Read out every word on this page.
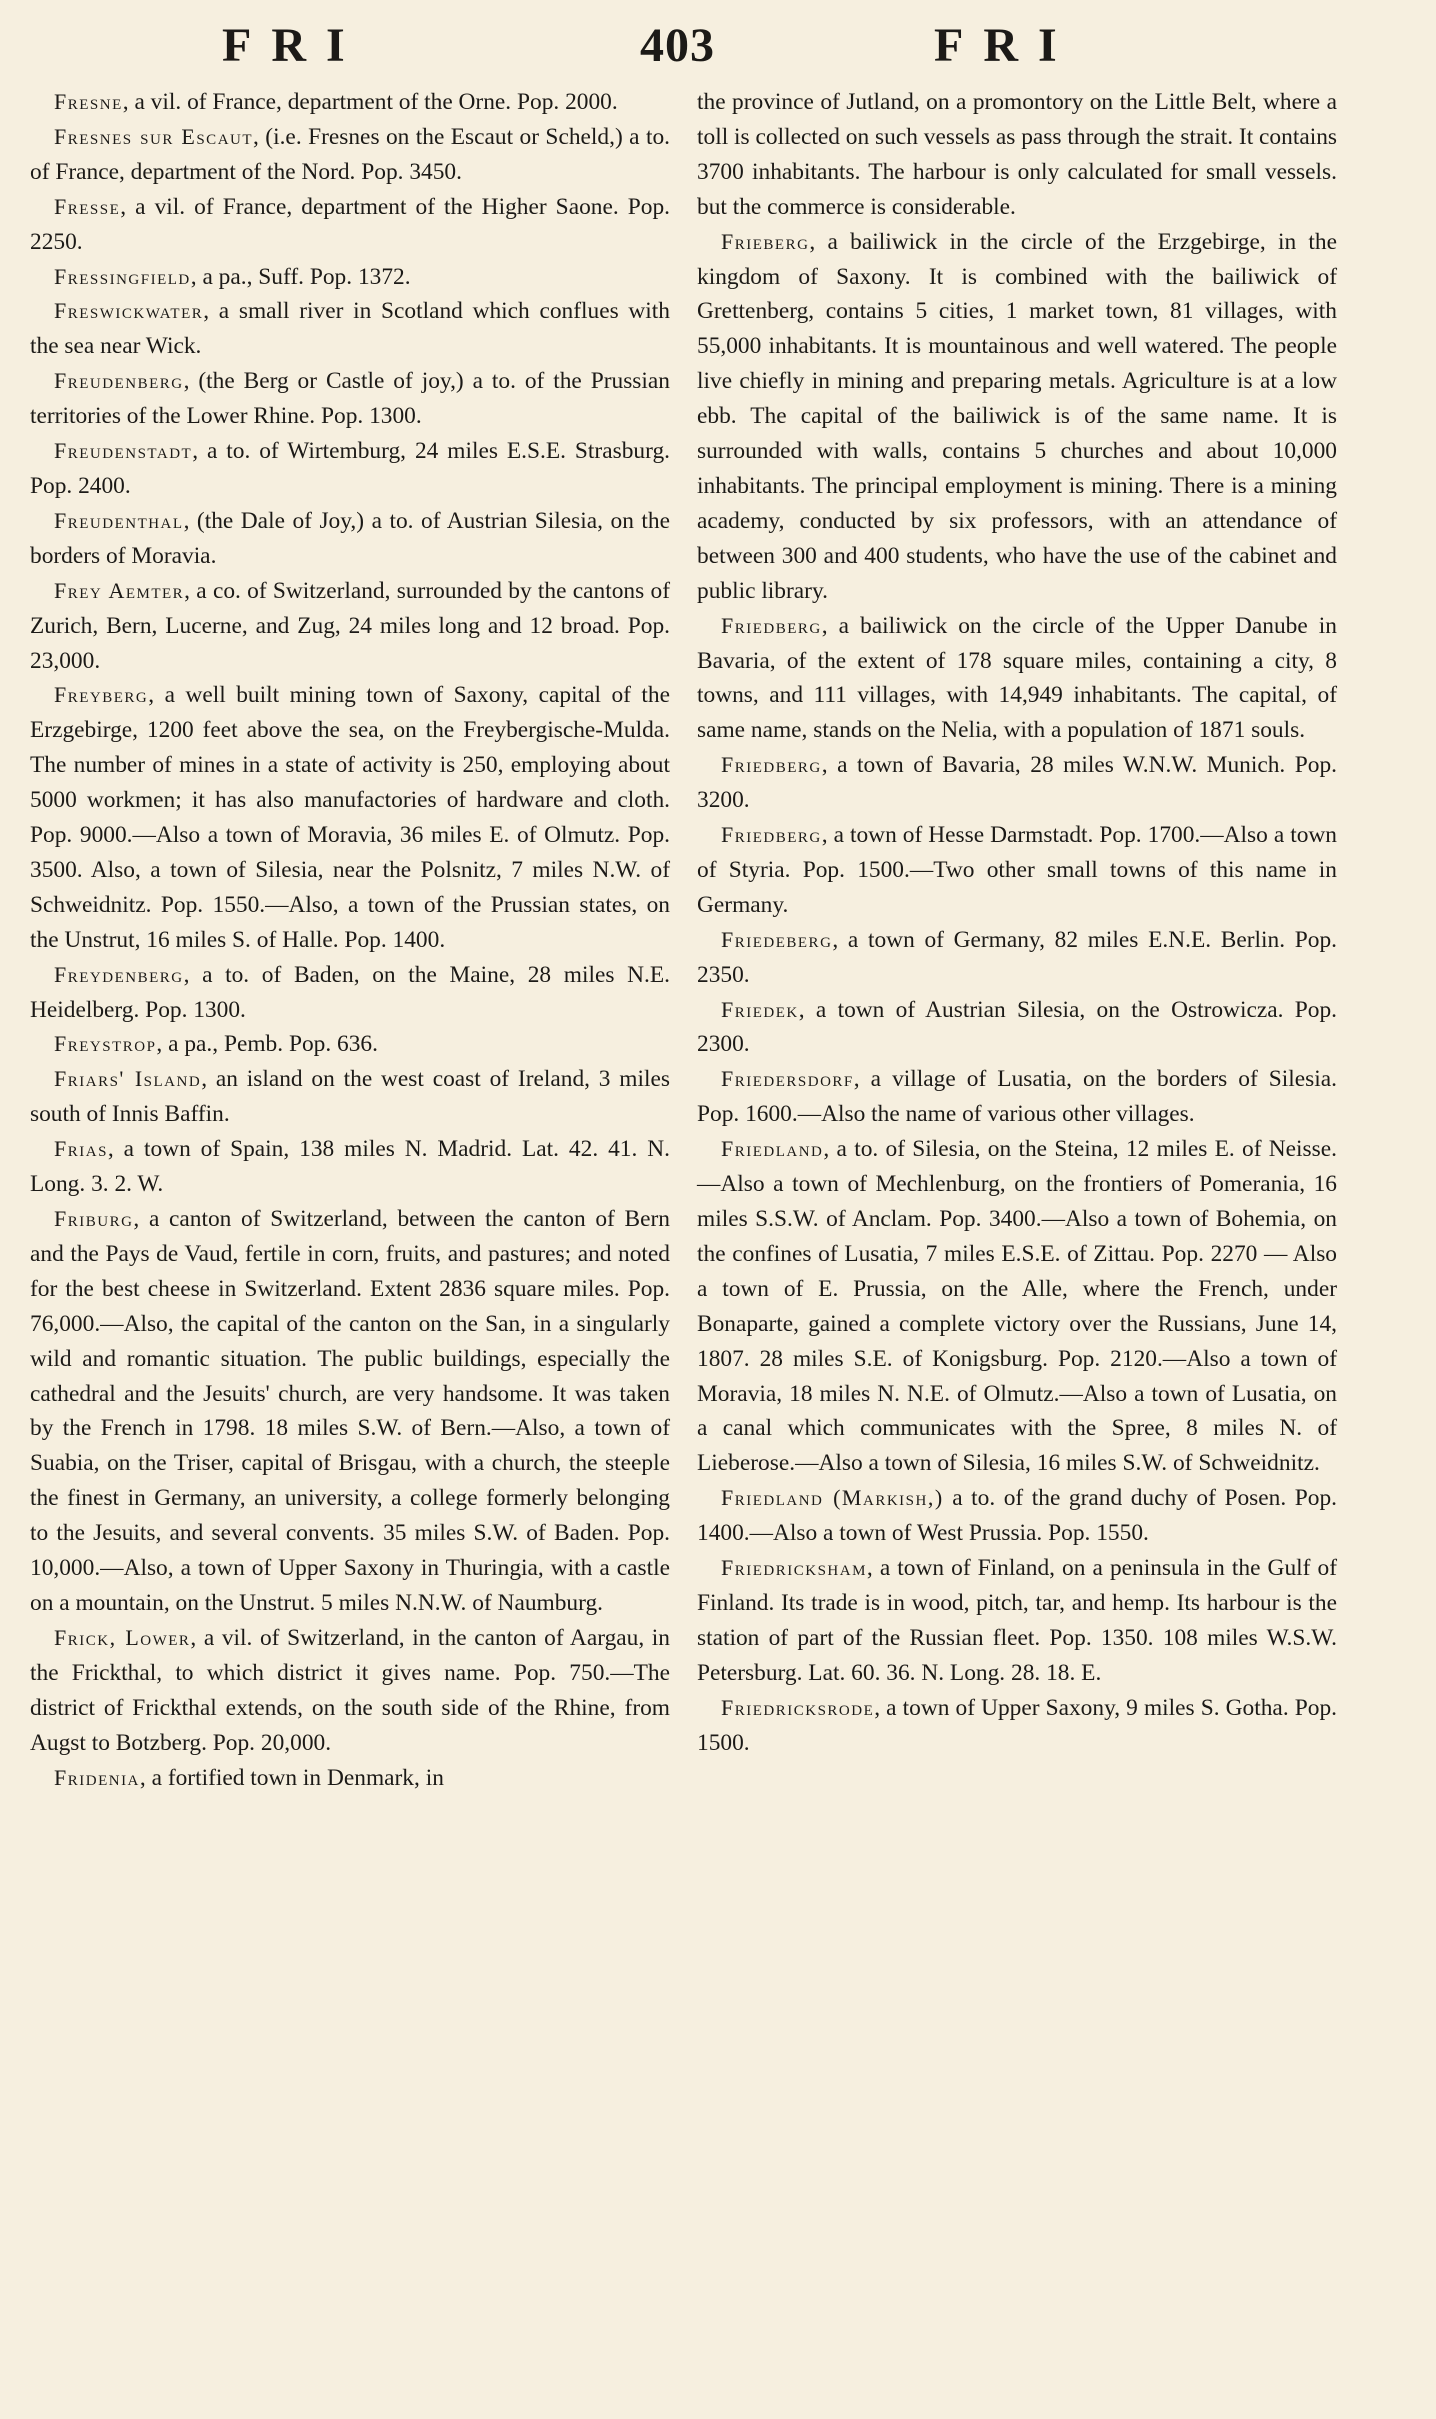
FRI	403	FRI

Fresne, a vil. of France, department of the Orne. Pop. 2000.

Fresnes sur Escaut, (i.e. Fresnes on the Escaut or Scheld,) a to. of France, department of the Nord. Pop. 3450.

Fresse, a vil. of France, department of the Higher Saone. Pop. 2250.

Fressingfield, a pa., Suff. Pop. 1372.

Freswickwater, a small river in Scotland which conflues with the sea near Wick.

Freudenberg, (the Berg or Castle of joy,) a to. of the Prussian territories of the Lower Rhine. Pop. 1300.

Freudenstadt, a to. of Wirtemburg, 24 miles E.S.E. Strasburg. Pop. 2400.

Freudenthal, (the Dale of Joy,) a to. of Austrian Silesia, on the borders of Moravia.

Frey Aemter, a co. of Switzerland, surrounded by the cantons of Zurich, Bern, Lucerne, and Zug, 24 miles long and 12 broad. Pop. 23,000.

Freyberg, a well built mining town of Saxony, capital of the Erzgebirge, 1200 feet above the sea, on the Freybergische-Mulda. The number of mines in a state of activity is 250, employing about 5000 workmen; it has also manufactories of hardware and cloth. Pop. 9000.—Also a town of Moravia, 36 miles E. of Olmutz. Pop. 3500. Also, a town of Silesia, near the Polsnitz, 7 miles N.W. of Schweidnitz. Pop. 1550.—Also, a town of the Prussian states, on the Unstrut, 16 miles S. of Halle. Pop. 1400.

Freydenberg, a to. of Baden, on the Maine, 28 miles N.E. Heidelberg. Pop. 1300.

Freystrop, a pa., Pemb. Pop. 636.

Friars' Island, an island on the west coast of Ireland, 3 miles south of Innis Baffin.

Frias, a town of Spain, 138 miles N. Madrid. Lat. 42. 41. N. Long. 3. 2. W.

Friburg, a canton of Switzerland, between the canton of Bern and the Pays de Vaud, fertile in corn, fruits, and pastures; and noted for the best cheese in Switzerland. Extent 2836 square miles. Pop. 76,000.—Also, the capital of the canton on the San, in a singularly wild and romantic situation. The public buildings, especially the cathedral and the Jesuits' church, are very handsome. It was taken by the French in 1798. 18 miles S.W. of Bern.—Also, a town of Suabia, on the Triser, capital of Brisgau, with a church, the steeple the finest in Germany, an university, a college formerly belonging to the Jesuits, and several convents. 35 miles S.W. of Baden. Pop. 10,000.—Also, a town of Upper Saxony in Thuringia, with a castle on a mountain, on the Unstrut. 5 miles N.N.W. of Naumburg.

Frick, Lower, a vil. of Switzerland, in the canton of Aargau, in the Frickthal, to which district it gives name. Pop. 750.—The district of Frickthal extends, on the south side of the Rhine, from Augst to Botzberg. Pop. 20,000.

Fridenia, a fortified town in Denmark, in

the province of Jutland, on a promontory on the Little Belt, where a toll is collected on such vessels as pass through the strait. It contains 3700 inhabitants. The harbour is only calculated for small vessels. but the commerce is considerable.

Frieberg, a bailiwick in the circle of the Erzgebirge, in the kingdom of Saxony. It is combined with the bailiwick of Grettenberg, contains 5 cities, 1 market town, 81 villages, with 55,000 inhabitants. It is mountainous and well watered. The people live chiefly in mining and preparing metals. Agriculture is at a low ebb. The capital of the bailiwick is of the same name. It is surrounded with walls, contains 5 churches and about 10,000 inhabitants. The principal employment is mining. There is a mining academy, conducted by six professors, with an attendance of between 300 and 400 students, who have the use of the cabinet and public library.

Friedberg, a bailiwick on the circle of the Upper Danube in Bavaria, of the extent of 178 square miles, containing a city, 8 towns, and 111 villages, with 14,949 inhabitants. The capital, of same name, stands on the Nelia, with a population of 1871 souls.

Friedberg, a town of Bavaria, 28 miles W.N.W. Munich. Pop. 3200.

Friedberg, a town of Hesse Darmstadt. Pop. 1700.—Also a town of Styria. Pop. 1500.—Two other small towns of this name in Germany.

Friedeberg, a town of Germany, 82 miles E.N.E. Berlin. Pop. 2350.

Friedek, a town of Austrian Silesia, on the Ostrowicza. Pop. 2300.

Friedersdorf, a village of Lusatia, on the borders of Silesia. Pop. 1600.—Also the name of various other villages.

Friedland, a to. of Silesia, on the Steina, 12 miles E. of Neisse.—Also a town of Mechlenburg, on the frontiers of Pomerania, 16 miles S.S.W. of Anclam. Pop. 3400.—Also a town of Bohemia, on the confines of Lusatia, 7 miles E.S.E. of Zittau. Pop. 2270 — Also a town of E. Prussia, on the Alle, where the French, under Bonaparte, gained a complete victory over the Russians, June 14, 1807. 28 miles S.E. of Konigsburg. Pop. 2120.—Also a town of Moravia, 18 miles N. N.E. of Olmutz.—Also a town of Lusatia, on a canal which communicates with the Spree, 8 miles N. of Lieberose.—Also a town of Silesia, 16 miles S.W. of Schweidnitz.

Friedland (Markish,) a to. of the grand duchy of Posen. Pop. 1400.—Also a town of West Prussia. Pop. 1550.

Friedricksham, a town of Finland, on a peninsula in the Gulf of Finland. Its trade is in wood, pitch, tar, and hemp. Its harbour is the station of part of the Russian fleet. Pop. 1350. 108 miles W.S.W. Petersburg. Lat. 60. 36. N. Long. 28. 18. E.

Friedricksrode, a town of Upper Saxony, 9 miles S. Gotha. Pop. 1500.
